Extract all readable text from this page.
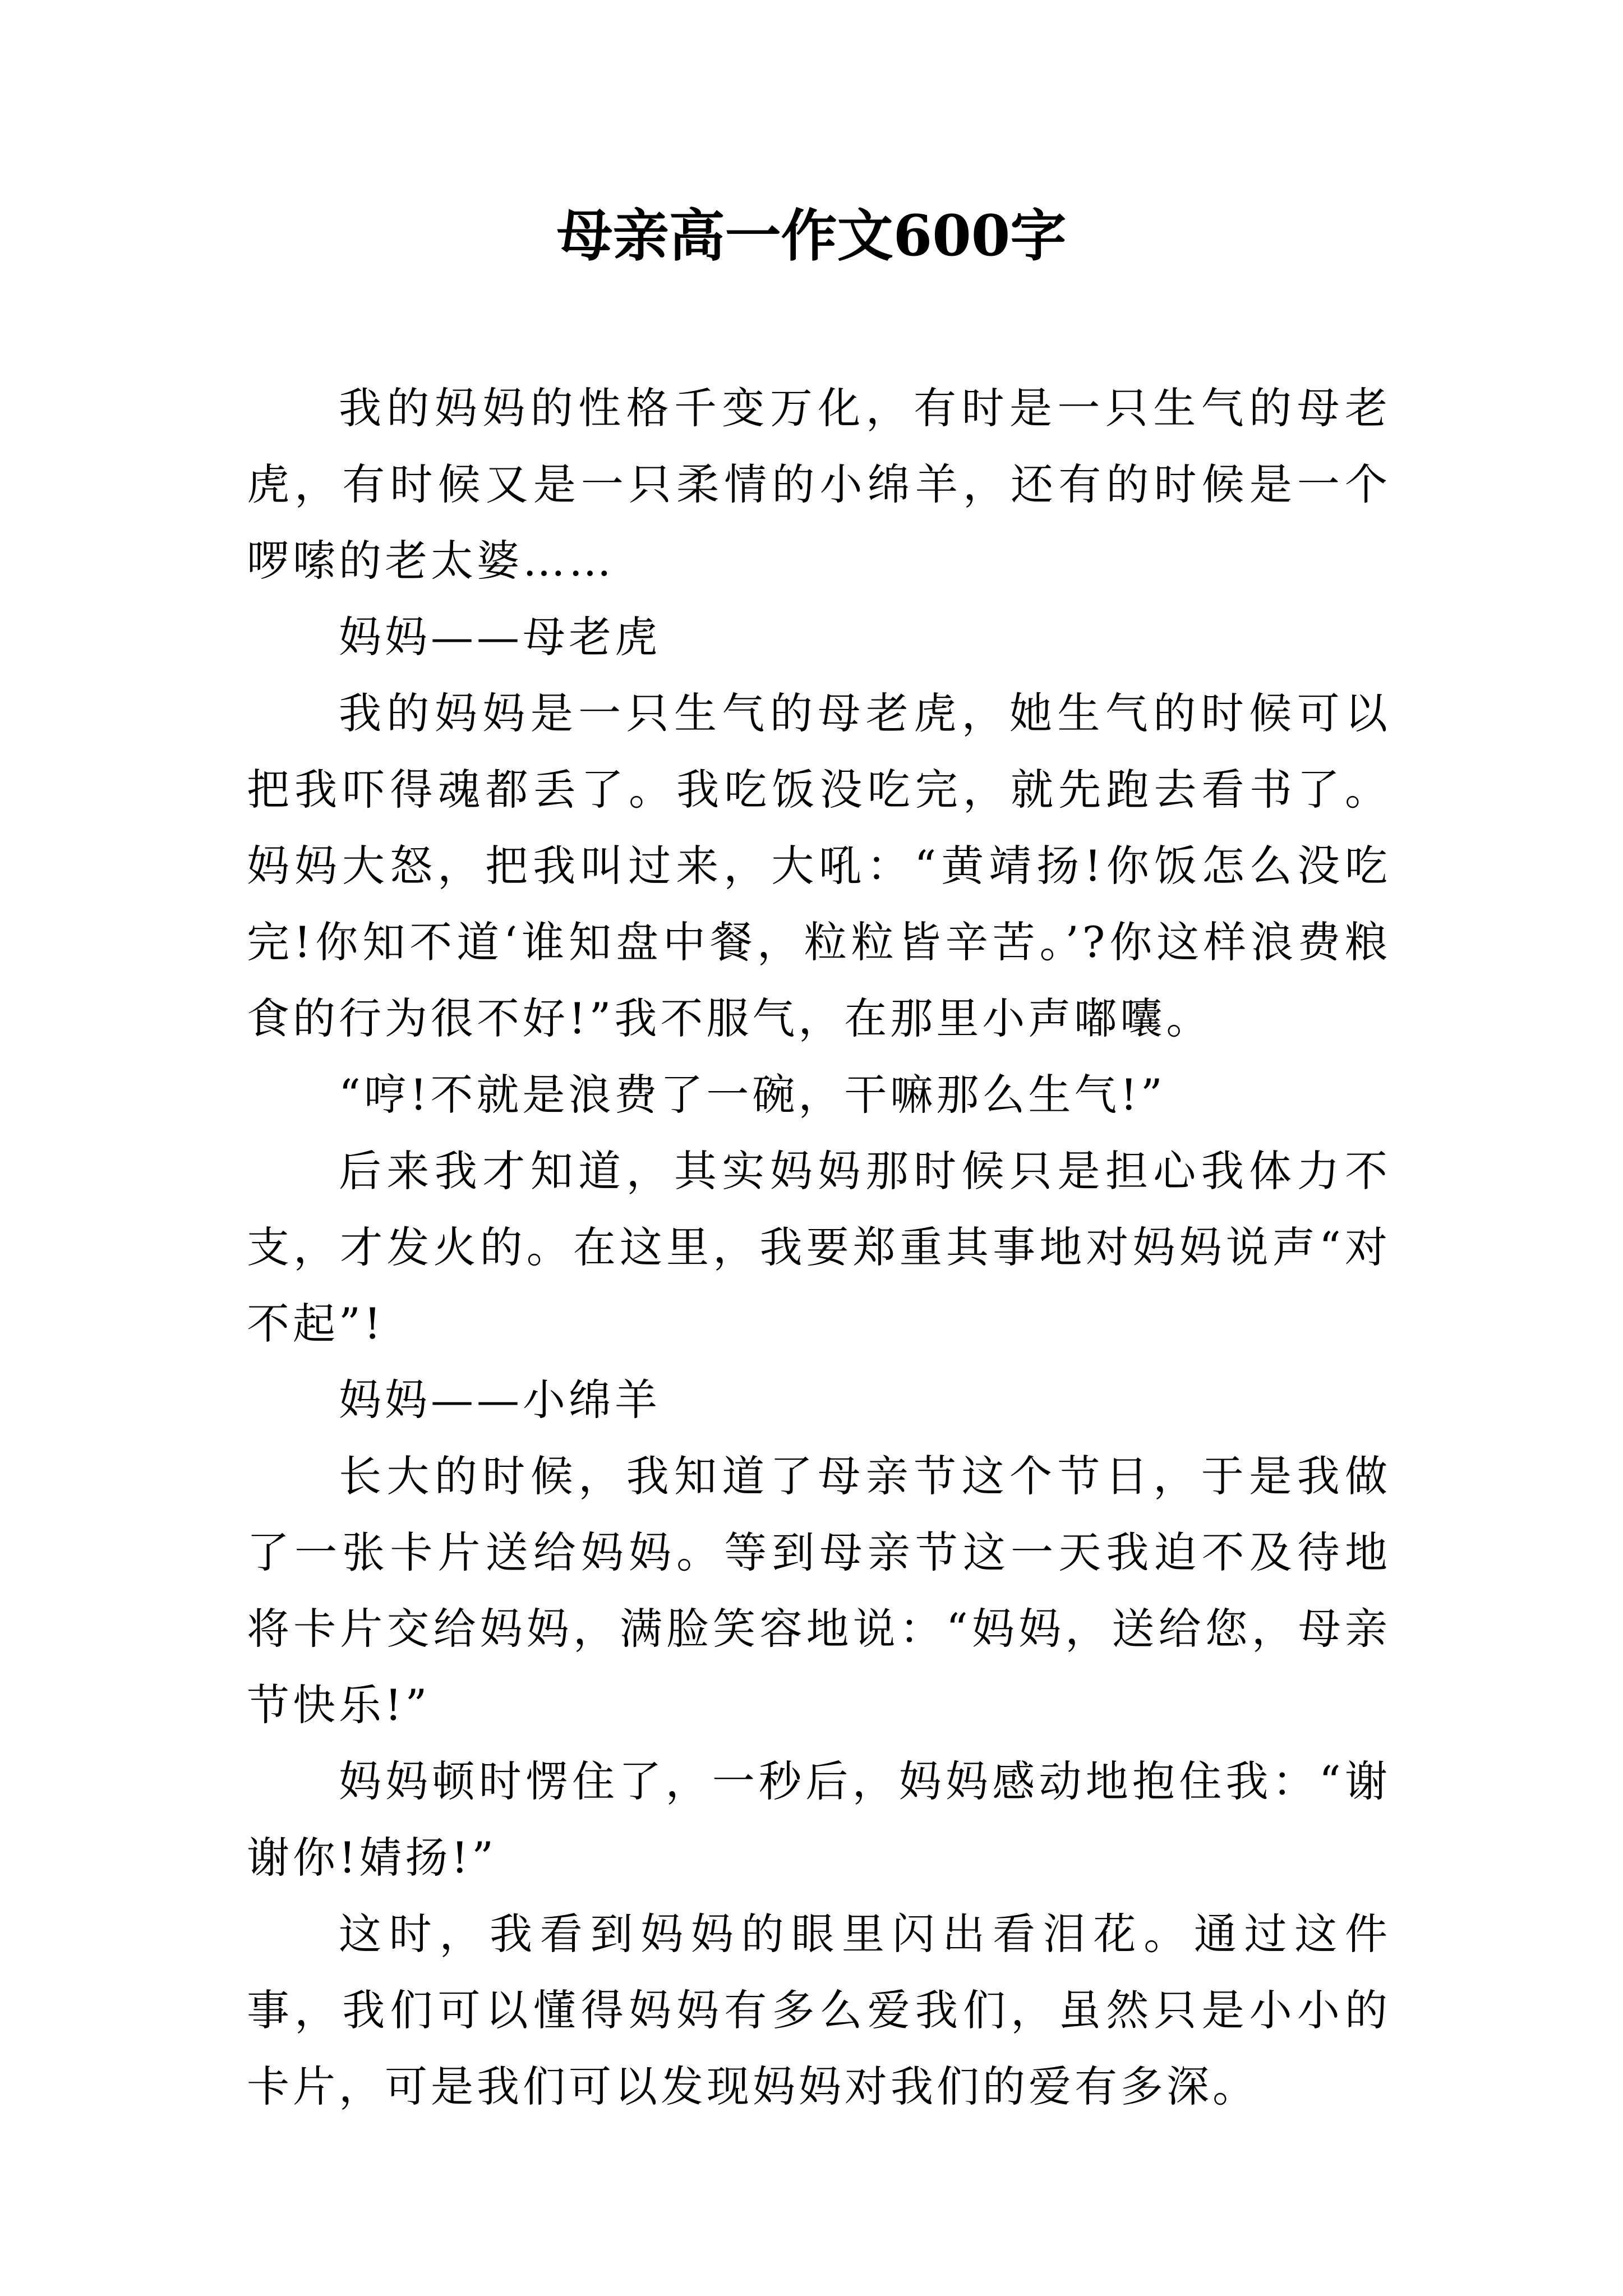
母亲高一作文600字

我的妈妈的性格千变万化，有时是一只生气的母老虎，有时候又是一只柔情的小绵羊，还有的时候是一个啰嗦的老太婆……

妈妈——母老虎

我的妈妈是一只生气的母老虎，她生气的时候可以把我吓得魂都丢了。我吃饭没吃完，就先跑去看书了。妈妈大怒，把我叫过来，大吼：“黄靖扬!你饭怎么没吃完!你知不道‘谁知盘中餐，粒粒皆辛苦。’?你这样浪费粮食的行为很不好!”我不服气，在那里小声嘟囔。

“哼!不就是浪费了一碗，干嘛那么生气!”

后来我才知道，其实妈妈那时候只是担心我体力不支，才发火的。在这里，我要郑重其事地对妈妈说声“对不起”!

妈妈——小绵羊

长大的时候，我知道了母亲节这个节日，于是我做了一张卡片送给妈妈。等到母亲节这一天我迫不及待地将卡片交给妈妈，满脸笑容地说：“妈妈，送给您，母亲节快乐!”

妈妈顿时愣住了，一秒后，妈妈感动地抱住我：“谢谢你!婧扬!”

这时，我看到妈妈的眼里闪出看泪花。通过这件事，我们可以懂得妈妈有多么爱我们，虽然只是小小的卡片，可是我们可以发现妈妈对我们的爱有多深。
